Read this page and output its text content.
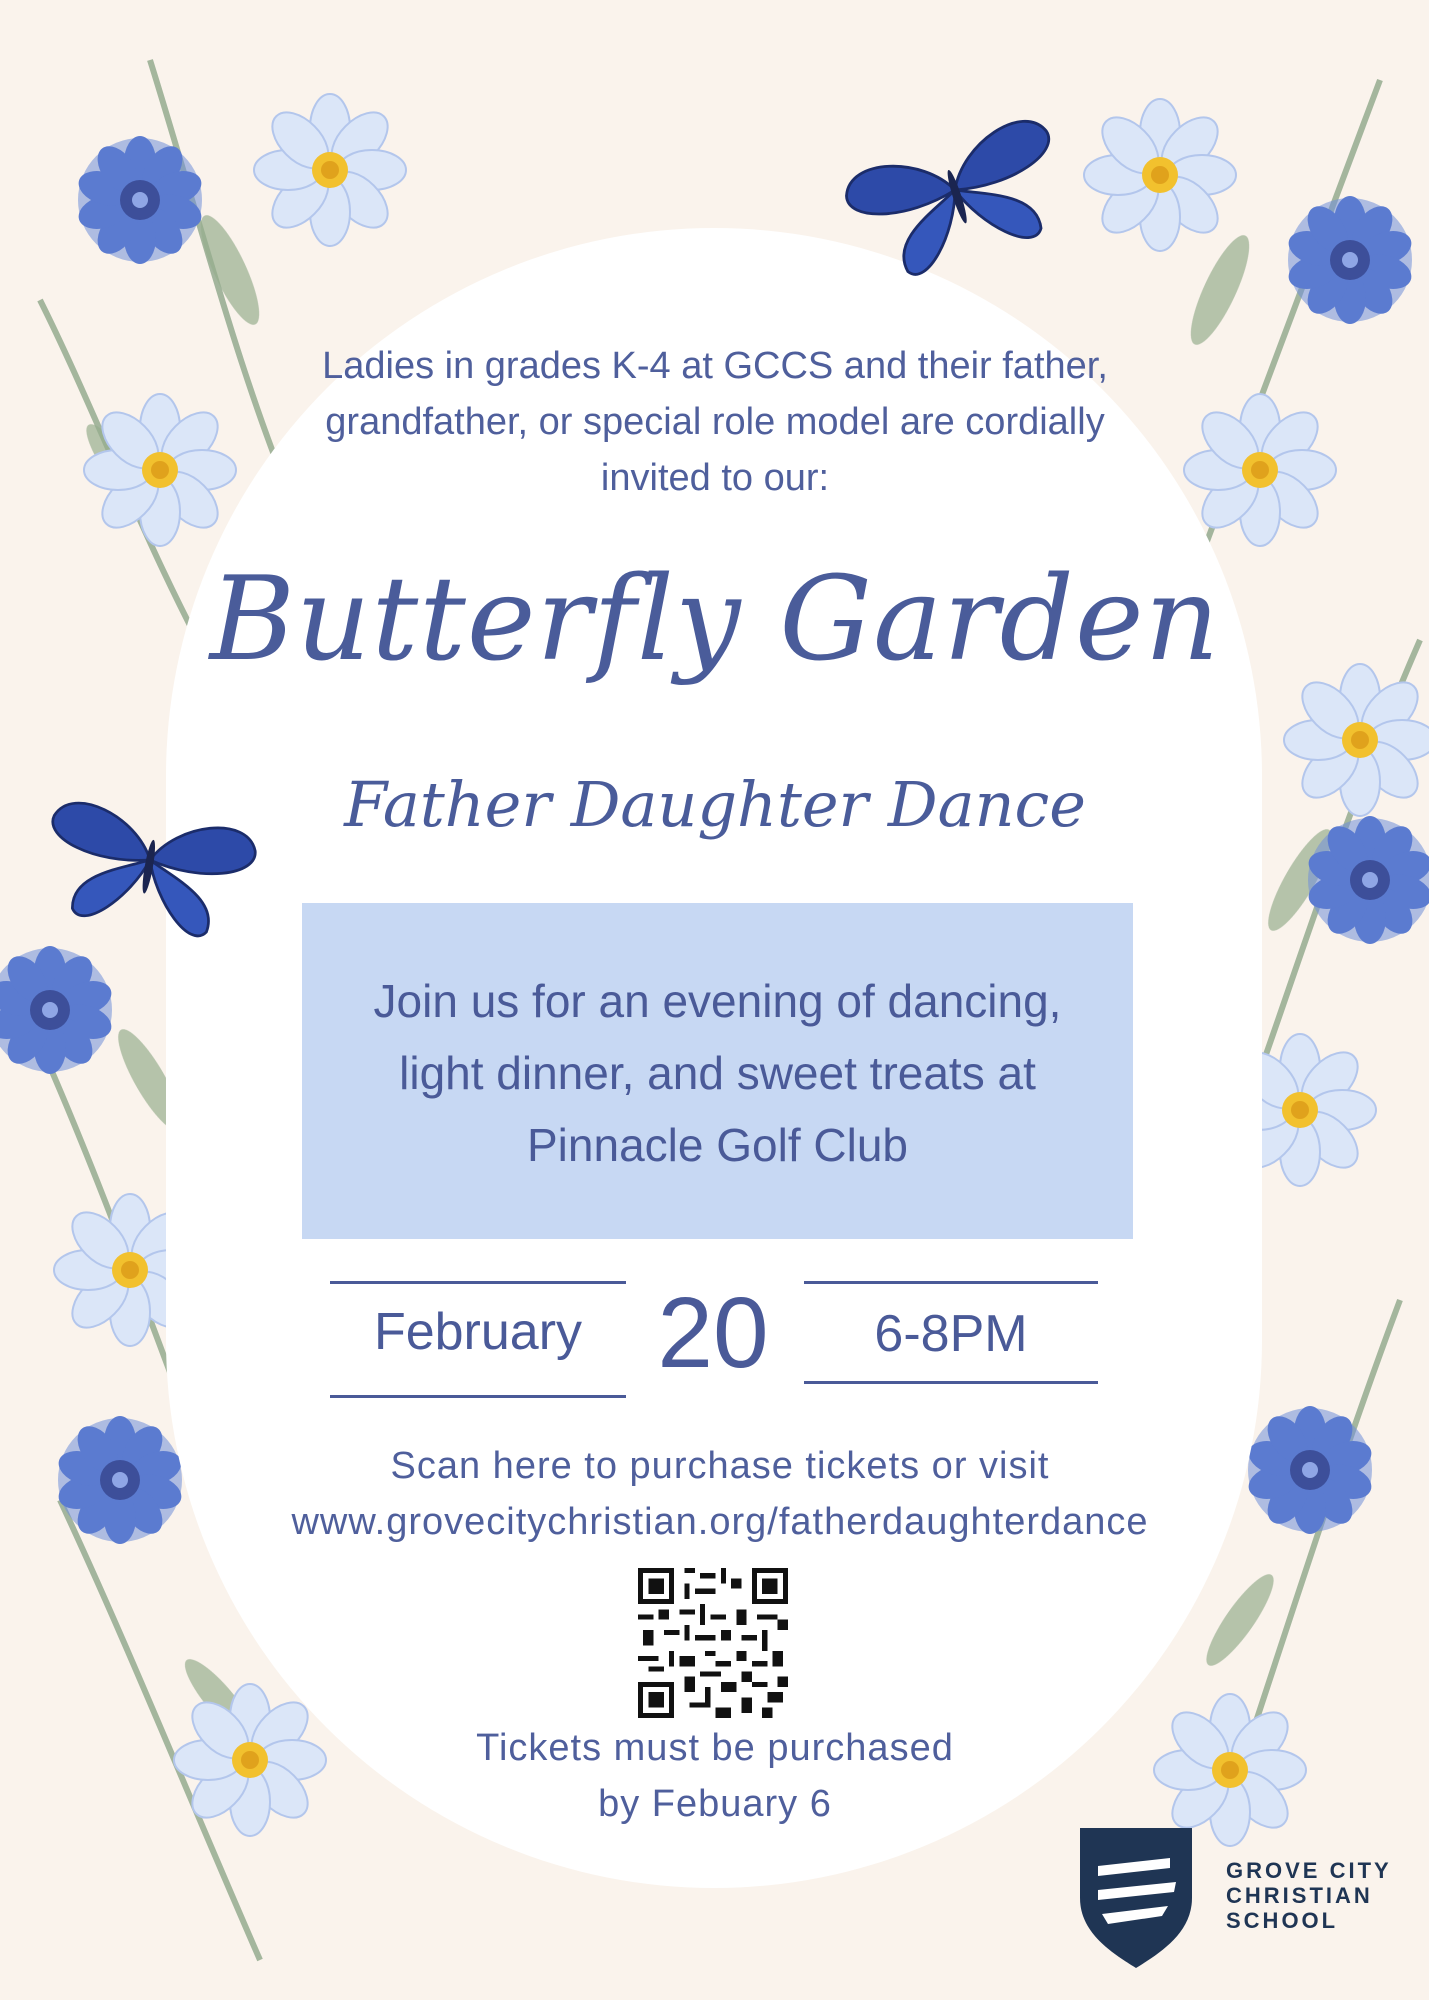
Ladies in grades K-4 at GCCS and their father,
grandfather, or special role model are cordially
invited to our:
Butterfly Garden
Father Daughter Dance
Join us for an evening of dancing,
light dinner, and sweet treats at
Pinnacle Golf Club
February 20	6-8PM
Scan here to purchase tickets or visit
www.grovecitychristian.org/fatherdaughterdance
Tickets must be purchased
by Febuary 6
GROVE CITY
CHRISTIAN
SCHOOL
